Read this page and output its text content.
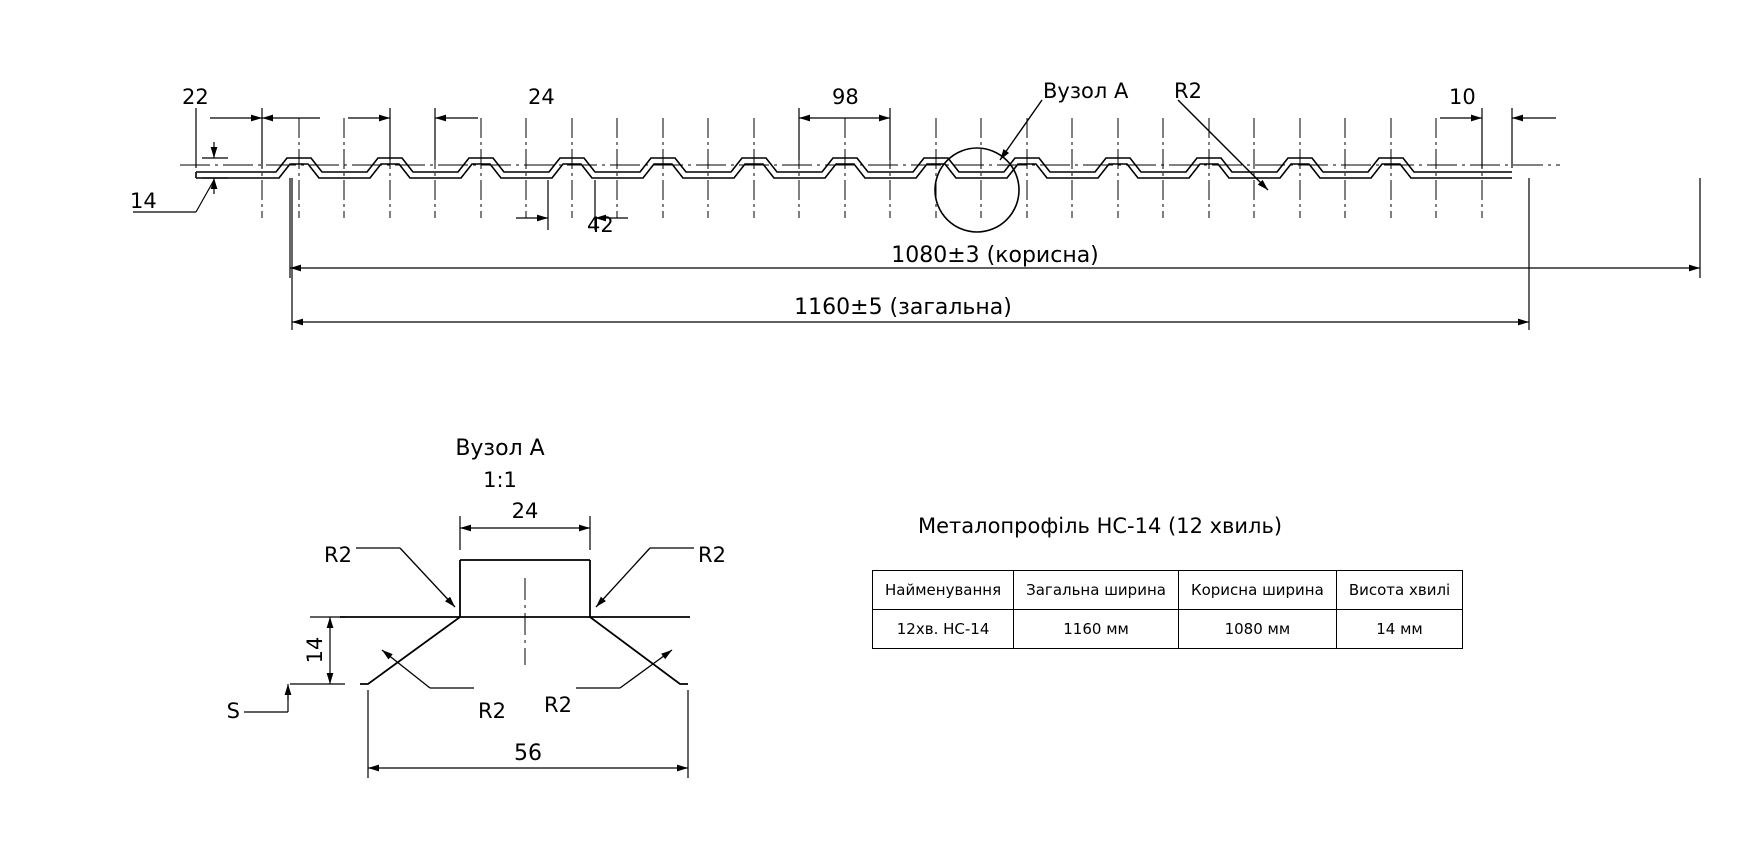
Вузол A R2
22	24	98	10
14
42
1080±3 (корисна)
1160±5 (загальна)
Вузол А
1:1
24
56
14
S
R2	R2
R2 R2
Металопрофіль НС-14 (12 хвиль)
Найменування	Загальна ширина	Корисна ширина	Висота хвилі
12хв. НС-14	1160 мм	1080 мм	14 мм
